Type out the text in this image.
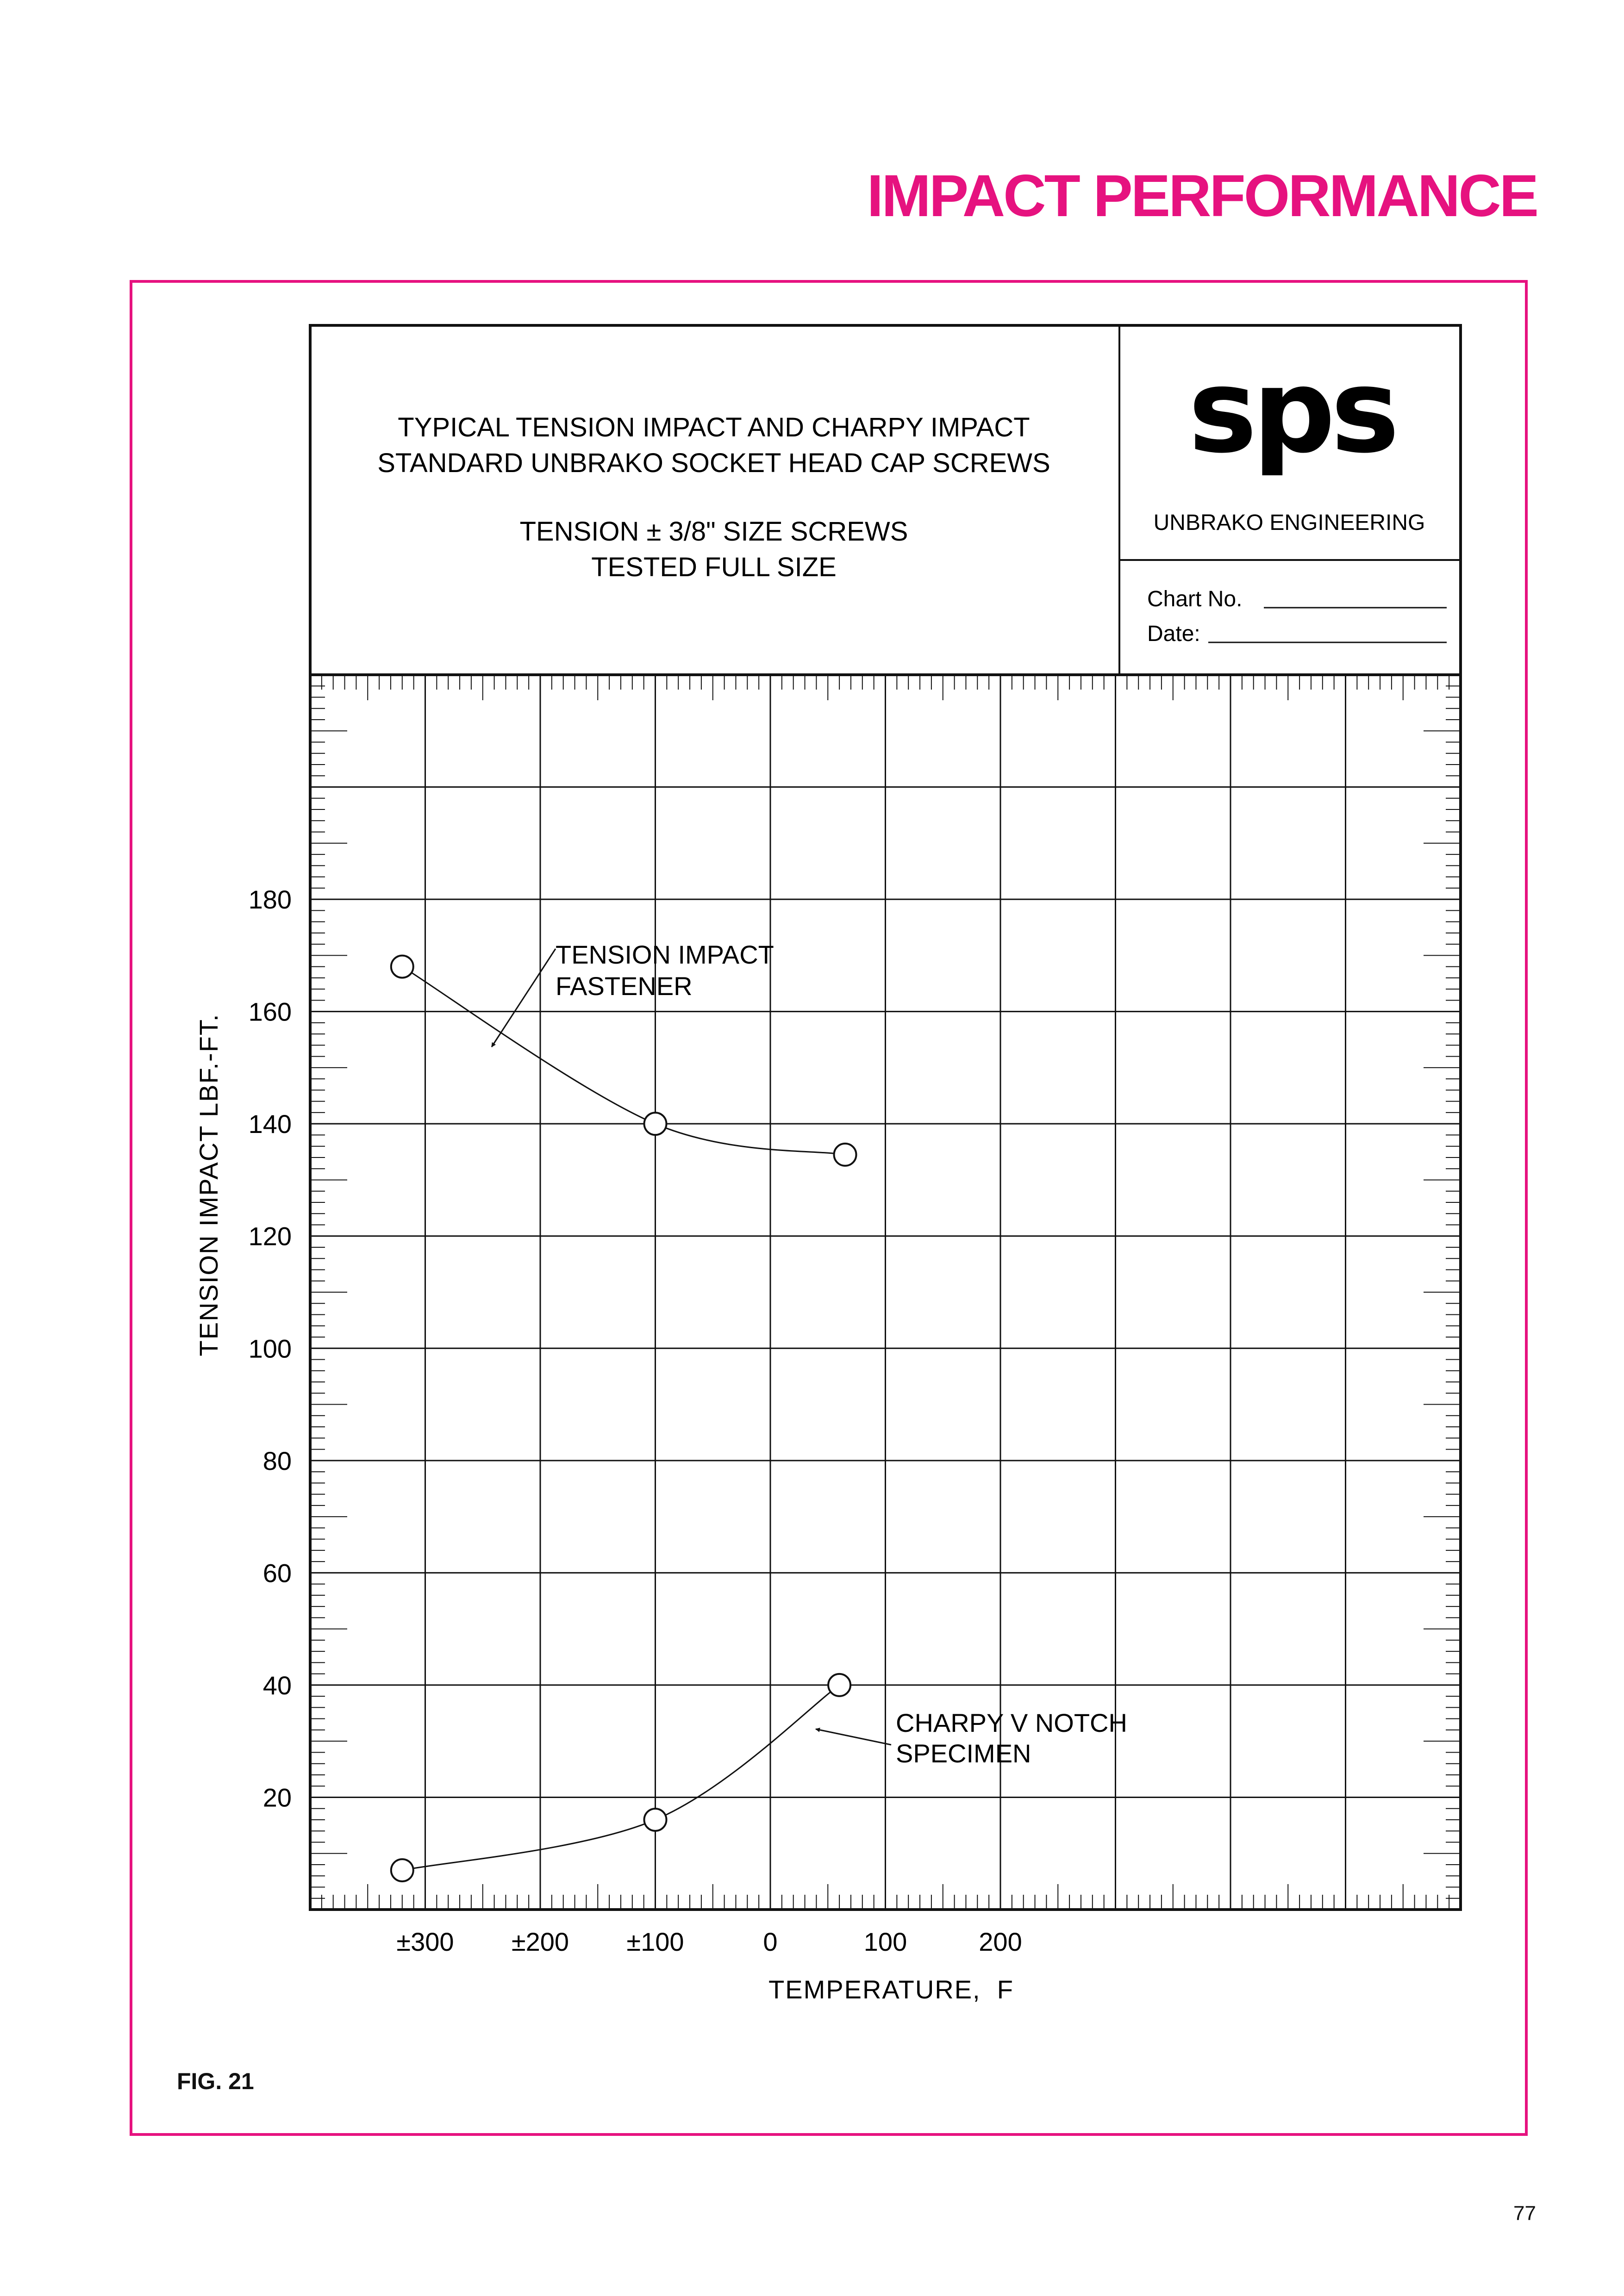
IMPACT PERFORMANCE
TYPICAL TENSION IMPACT AND CHARPY IMPACT
STANDARD UNBRAKO SOCKET HEAD CAP SCREWS
TENSION ± 3/8" SIZE SCREWS
TESTED FULL SIZE
sps
UNBRAKO ENGINEERING
Chart No.
Date:
20
40
60
80
100
120
140
160
180
±300 ±200 ±100	0	100	200
TENSION IMPACT LBF.-FT.
TEMPERATURE,  F
TENSION IMPACT
FASTENER
CHARPY V NOTCH
SPECIMEN
FIG. 21
77
